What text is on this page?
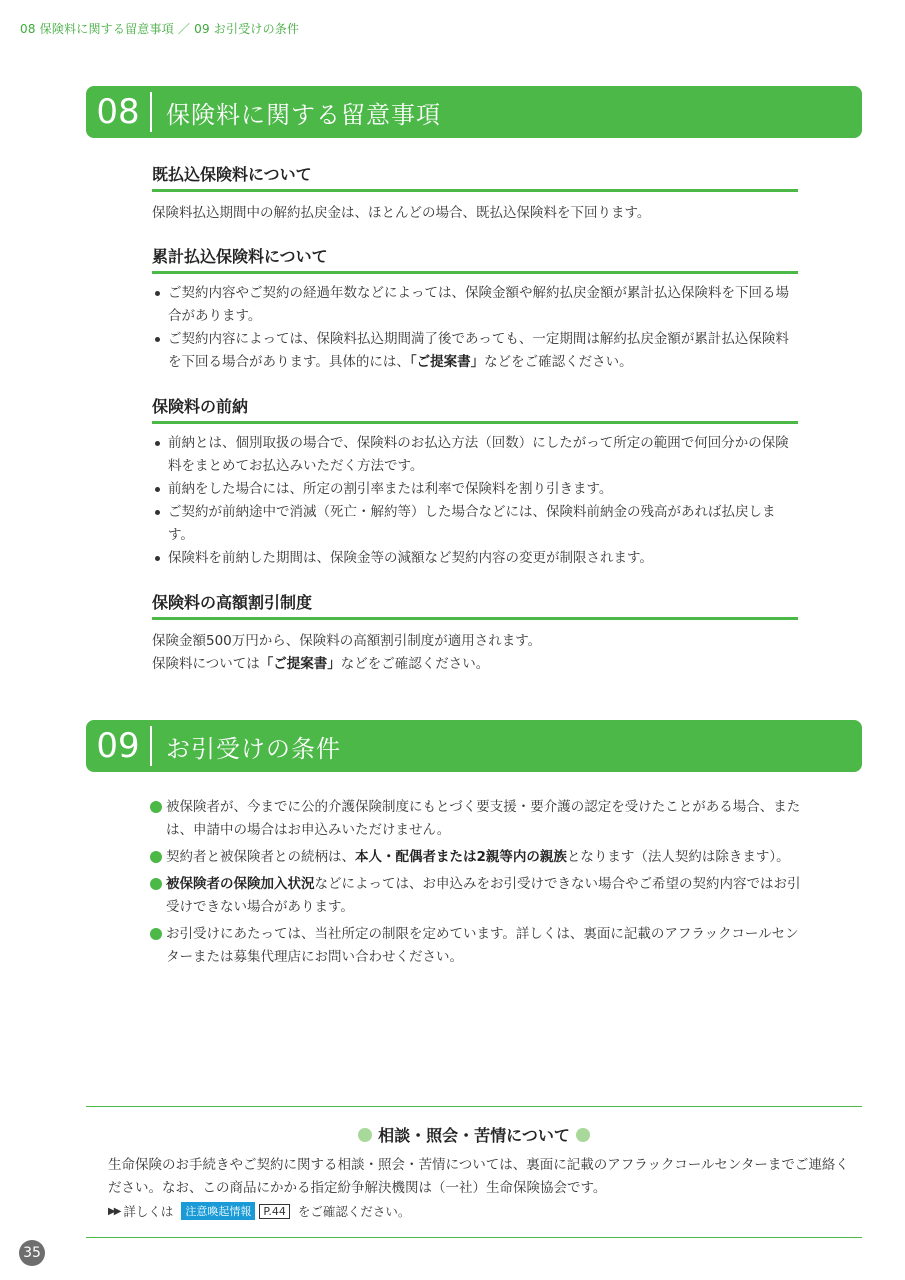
08 保険料に関する留意事項 ／ 09 お引受けの条件
08	保険料に関する留意事項
既払込保険料について
保険料払込期間中の解約払戻金は、ほとんどの場合、既払込保険料を下回ります。
累計払込保険料について
ご契約内容やご契約の経過年数などによっては、保険金額や解約払戻金額が累計払込保険料を下回る場合があります。
ご契約内容によっては、保険料払込期間満了後であっても、一定期間は解約払戻金額が累計払込保険料を下回る場合があります。具体的には、「ご提案書」などをご確認ください。
保険料の前納
前納とは、個別取扱の場合で、保険料のお払込方法（回数）にしたがって所定の範囲で何回分かの保険料をまとめてお払込みいただく方法です。
前納をした場合には、所定の割引率または利率で保険料を割り引きます。
ご契約が前納途中で消滅（死亡・解約等）した場合などには、保険料前納金の残高があれば払戻します。
保険料を前納した期間は、保険金等の減額など契約内容の変更が制限されます。
保険料の高額割引制度
保険金額500万円から、保険料の高額割引制度が適用されます。
保険料については「ご提案書」などをご確認ください。
09	お引受けの条件
被保険者が、今までに公的介護保険制度にもとづく要支援・要介護の認定を受けたことがある場合、または、申請中の場合はお申込みいただけません。
契約者と被保険者との続柄は、本人・配偶者または2親等内の親族となります（法人契約は除きます）。
被保険者の保険加入状況などによっては、お申込みをお引受けできない場合やご希望の契約内容ではお引受けできない場合があります。
お引受けにあたっては、当社所定の制限を定めています。詳しくは、裏面に記載のアフラックコールセンターまたは募集代理店にお問い合わせください。
相談・照会・苦情について
生命保険のお手続きやご契約に関する相談・照会・苦情については、裏面に記載のアフラックコールセンターまでご連絡ください。なお、この商品にかかる指定紛争解決機関は（一社）生命保険協会です。
▶▶ 詳しくは	注意喚起情報	P.44 をご確認ください。
35
